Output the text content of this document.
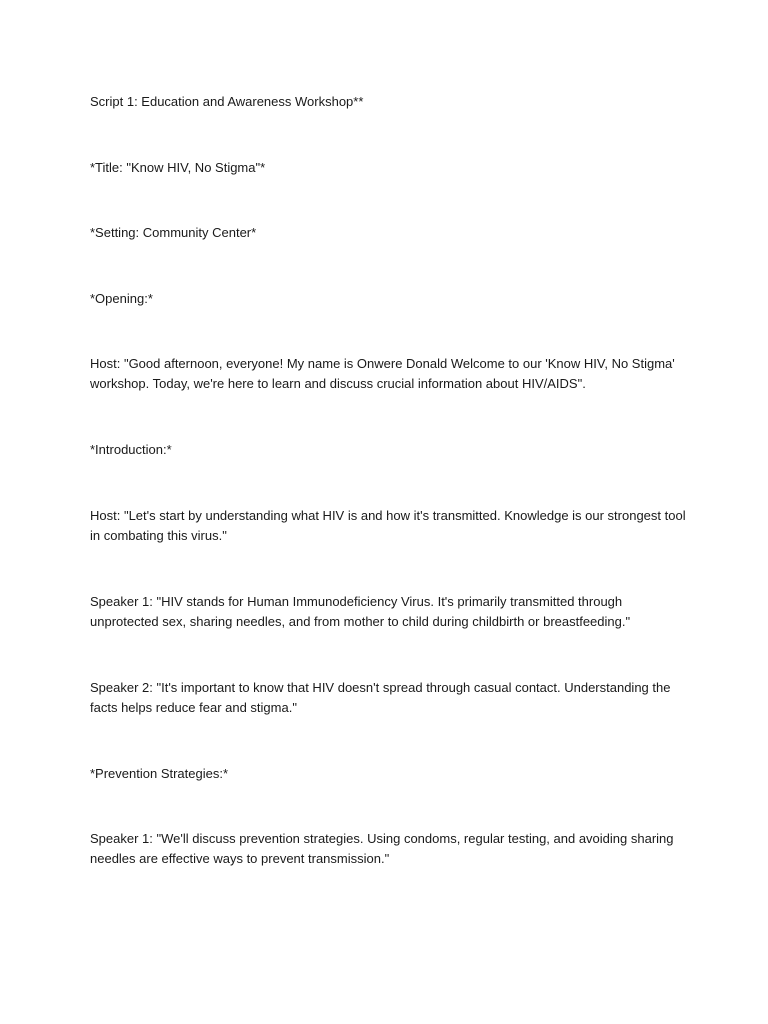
Script 1: Education and Awareness Workshop**

*Title: "Know HIV, No Stigma"*

*Setting: Community Center*

*Opening:*

Host: "Good afternoon, everyone! My name is Onwere Donald Welcome to our 'Know HIV, No Stigma'
workshop. Today, we're here to learn and discuss crucial information about HIV/AIDS".

*Introduction:*

Host: "Let's start by understanding what HIV is and how it's transmitted. Knowledge is our strongest tool
in combating this virus."

Speaker 1: "HIV stands for Human Immunodeficiency Virus. It's primarily transmitted through
unprotected sex, sharing needles, and from mother to child during childbirth or breastfeeding."

Speaker 2: "It's important to know that HIV doesn't spread through casual contact. Understanding the
facts helps reduce fear and stigma."

*Prevention Strategies:*

Speaker 1: "We'll discuss prevention strategies. Using condoms, regular testing, and avoiding sharing
needles are effective ways to prevent transmission."
